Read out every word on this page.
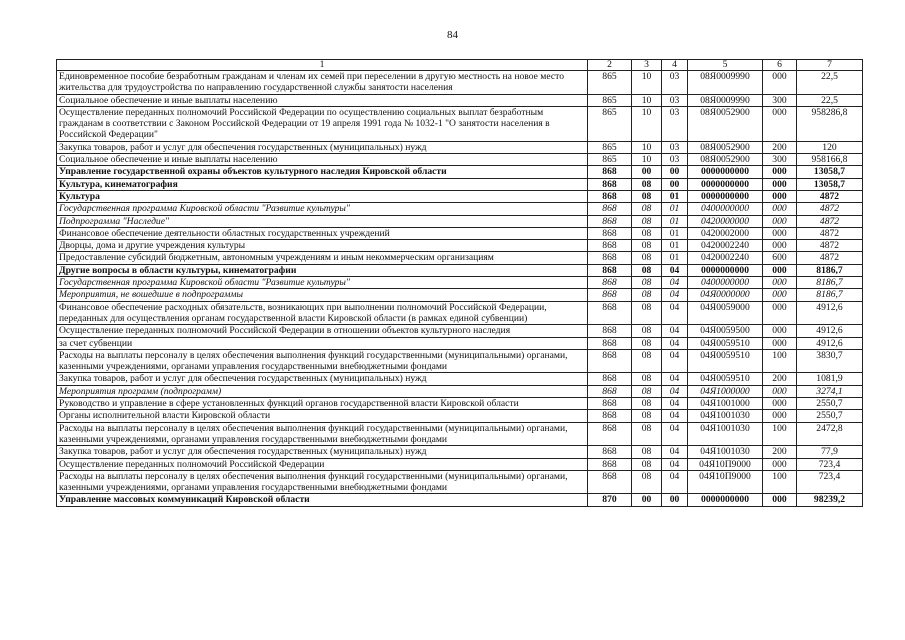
84
1	2	3	4	5	6	7
Единовременное пособие безработным гражданам и членам их семей при переселении в другую местность на новое место жительства для трудоустройства по направлению государственной службы занятости населения	865	10	03	08Я0009990	000	22,5
Социальное обеспечение и иные выплаты населению	865	10	03	08Я0009990	300	22,5
Осуществление переданных полномочий Российской Федерации по осуществлению социальных выплат безработным гражданам в соответствии с Законом Российской Федерации от 19 апреля 1991 года № 1032-1 "О занятости населения в Российской Федерации"	865	10	03	08Я0052900	000	958286,8
Закупка товаров, работ и услуг для обеспечения государственных (муниципальных) нужд	865	10	03	08Я0052900	200	120
Социальное обеспечение и иные выплаты населению	865	10	03	08Я0052900	300	958166,8
Управление государственной охраны объектов культурного наследия Кировской области	868	00	00	0000000000	000	13058,7
Культура, кинематография	868	08	00	0000000000	000	13058,7
Культура	868	08	01	0000000000	000	4872
Государственная программа Кировской области "Развитие культуры"	868	08	01	0400000000	000	4872
Подпрограмма "Наследие"	868	08	01	0420000000	000	4872
Финансовое обеспечение деятельности областных государственных учреждений	868	08	01	0420002000	000	4872
Дворцы, дома и другие учреждения культуры	868	08	01	0420002240	000	4872
Предоставление субсидий бюджетным, автономным учреждениям и иным некоммерческим организациям	868	08	01	0420002240	600	4872
Другие вопросы в области культуры, кинематографии	868	08	04	0000000000	000	8186,7
Государственная программа Кировской области "Развитие культуры"	868	08	04	0400000000	000	8186,7
Мероприятия, не вошедшие в подпрограммы	868	08	04	04Я0000000	000	8186,7
Финансовое обеспечение расходных обязательств, возникающих при выполнении полномочий Российской Федерации, переданных для осуществления органам государственной власти Кировской области (в рамках единой субвенции)	868	08	04	04Я0059000	000	4912,6
Осуществление переданных полномочий Российской Федерации в отношении объектов культурного наследия	868	08	04	04Я0059500	000	4912,6
за счет субвенции	868	08	04	04Я0059510	000	4912,6
Расходы на выплаты персоналу в целях обеспечения выполнения функций государственными (муниципальными) органами, казенными учреждениями, органами управления государственными внебюджетными фондами	868	08	04	04Я0059510	100	3830,7
Закупка товаров, работ и услуг для обеспечения государственных (муниципальных) нужд	868	08	04	04Я0059510	200	1081,9
Мероприятия программ (подпрограмм)	868	08	04	04Я1000000	000	3274,1
Руководство и управление в сфере установленных функций органов государственной власти Кировской области	868	08	04	04Я1001000	000	2550,7
Органы исполнительной власти Кировской области	868	08	04	04Я1001030	000	2550,7
Расходы на выплаты персоналу в целях обеспечения выполнения функций государственными (муниципальными) органами, казенными учреждениями, органами управления государственными внебюджетными фондами	868	08	04	04Я1001030	100	2472,8
Закупка товаров, работ и услуг для обеспечения государственных (муниципальных) нужд	868	08	04	04Я1001030	200	77,9
Осуществление переданных полномочий Российской Федерации	868	08	04	04Я10П9000	000	723,4
Расходы на выплаты персоналу в целях обеспечения выполнения функций государственными (муниципальными) органами, казенными учреждениями, органами управления государственными внебюджетными фондами	868	08	04	04Я10П9000	100	723,4
Управление массовых коммуникаций Кировской области	870	00	00	0000000000	000	98239,2
